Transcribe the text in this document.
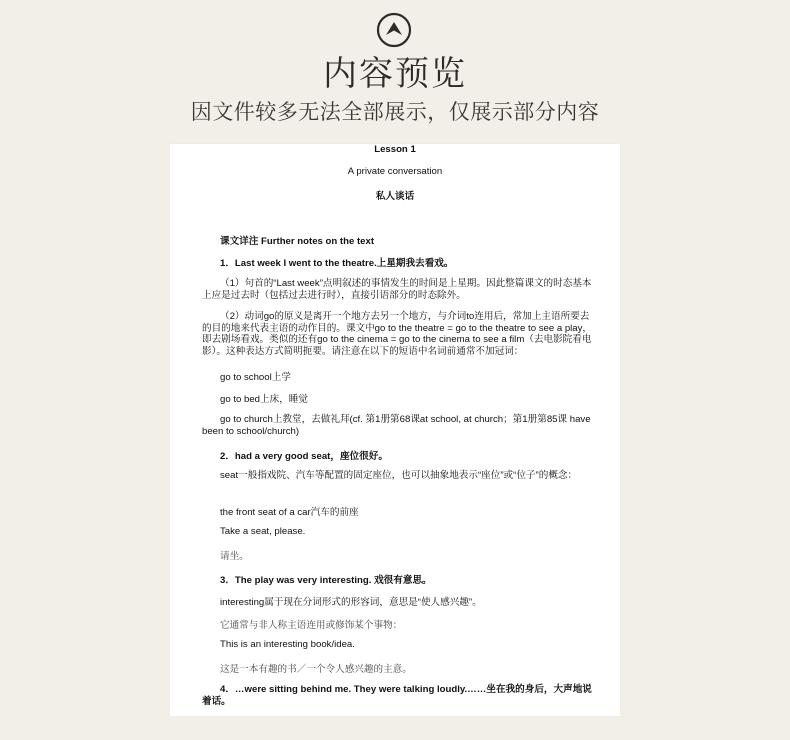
内容预览
因文件较多无法全部展示，仅展示部分内容
Lesson 1
A private conversation
私人谈话
课文详注 Further notes on the text
1．Last week I went to the theatre.上星期我去看戏。
（1）句首的“Last week”点明叙述的事情发生的时间是上星期。因此整篇课文的时态基本上应是过去时（包括过去进行时），直接引语部分的时态除外。
（2）动词go的原义是离开一个地方去另一个地方，与介词to连用后，常加上主语所要去的目的地来代表主语的动作目的。课文中go to the theatre = go to the theatre to see a play，即去剧场看戏。类似的还有go to the cinema = go to the cinema to see a film（去电影院看电影）。这种表达方式简明扼要。请注意在以下的短语中名词前通常不加冠词：
go to school上学
go to bed上床，睡觉
go to church上教堂，去做礼拜(cf. 第1册第68课at school, at church；第1册第85课 have been to school/church)
2．had a very good seat，座位很好。
seat一般指戏院、汽车等配置的固定座位，也可以抽象地表示“座位”或“位子”的概念：
the front seat of a car汽车的前座
Take a seat, please.
请坐。
3．The play was very interesting. 戏很有意思。
interesting属于现在分词形式的形容词，意思是“使人感兴趣”。
它通常与非人称主语连用或修饰某个事物：
This is an interesting book/idea.
这是一本有趣的书／一个令人感兴趣的主意。
4．…were sitting behind me. They were talking loudly.……坐在我的身后，大声地说着话。
